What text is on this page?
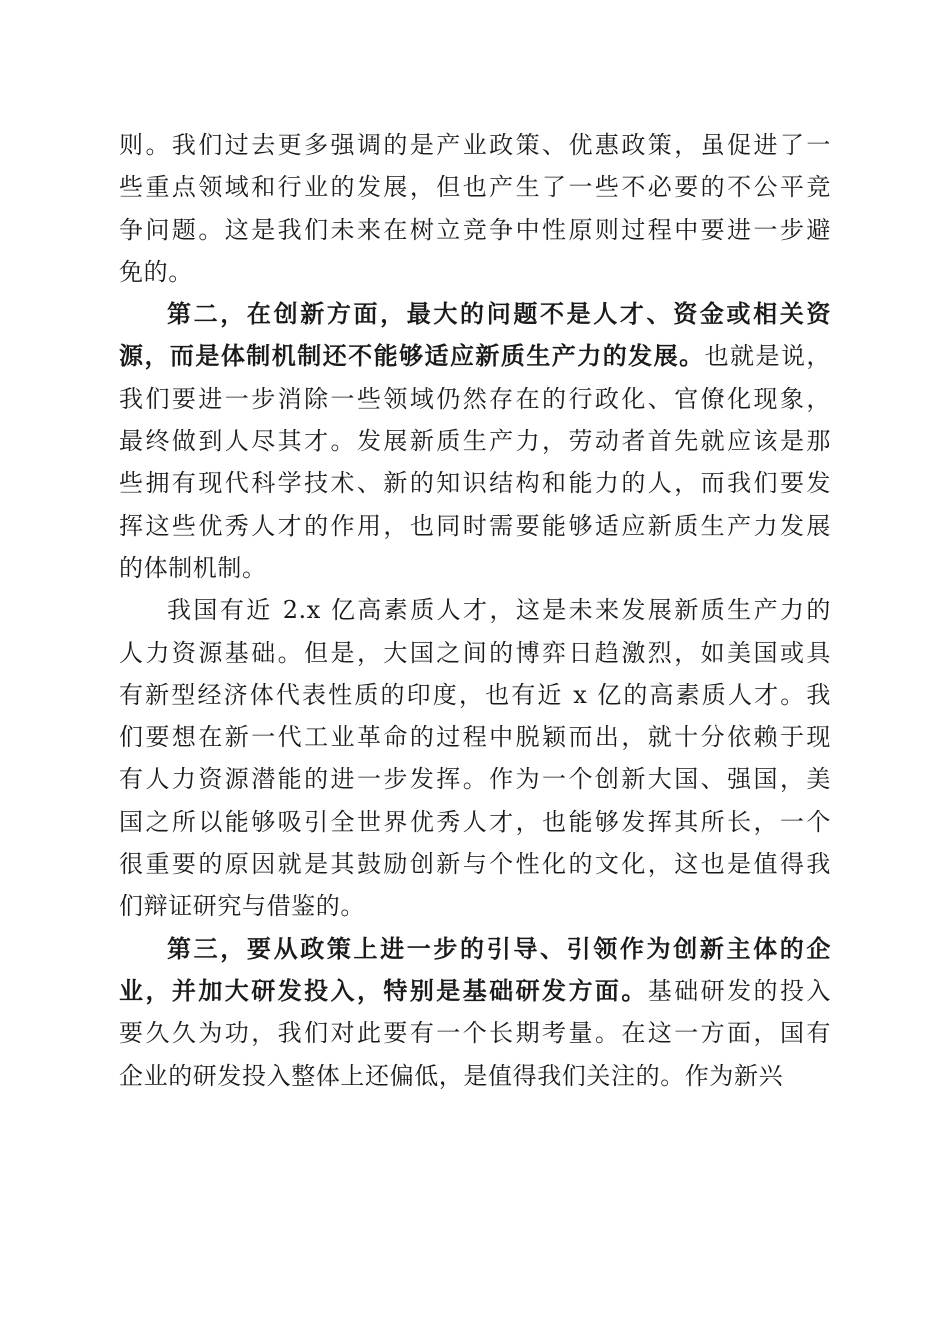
则。我们过去更多强调的是产业政策、优惠政策，虽促进了一
些重点领域和行业的发展，但也产生了一些不必要的不公平竞
争问题。这是我们未来在树立竞争中性原则过程中要进一步避
免的。
第二，在创新方面，最大的问题不是人才、资金或相关资
源，而是体制机制还不能够适应新质生产力的发展。也就是说，
我们要进一步消除一些领域仍然存在的行政化、官僚化现象，
最终做到人尽其才。发展新质生产力，劳动者首先就应该是那
些拥有现代科学技术、新的知识结构和能力的人，而我们要发
挥这些优秀人才的作用，也同时需要能够适应新质生产力发展
的体制机制。
我国有近 2.x 亿高素质人才，这是未来发展新质生产力的
人力资源基础。但是，大国之间的博弈日趋激烈，如美国或具
有新型经济体代表性质的印度，也有近 x 亿的高素质人才。我
们要想在新一代工业革命的过程中脱颖而出，就十分依赖于现
有人力资源潜能的进一步发挥。作为一个创新大国、强国，美
国之所以能够吸引全世界优秀人才，也能够发挥其所长，一个
很重要的原因就是其鼓励创新与个性化的文化，这也是值得我
们辩证研究与借鉴的。
第三，要从政策上进一步的引导、引领作为创新主体的企
业，并加大研发投入，特别是基础研发方面。基础研发的投入
要久久为功，我们对此要有一个长期考量。在这一方面，国有
企业的研发投入整体上还偏低，是值得我们关注的。作为新兴
